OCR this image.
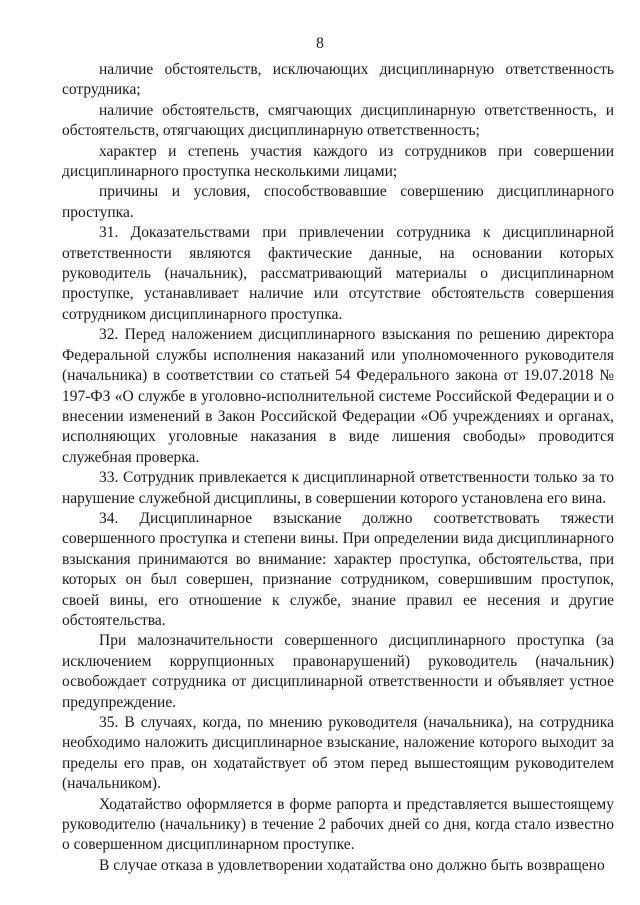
8

наличие обстоятельств, исключающих дисциплинарную ответственность сотрудника;

наличие обстоятельств, смягчающих дисциплинарную ответственность, и обстоятельств, отягчающих дисциплинарную ответственность;

характер и степень участия каждого из сотрудников при совершении дисциплинарного проступка несколькими лицами;

причины и условия, способствовавшие совершению дисциплинарного проступка.

31. Доказательствами при привлечении сотрудника к дисциплинарной ответственности являются фактические данные, на основании которых руководитель (начальник), рассматривающий материалы о дисциплинарном проступке, устанавливает наличие или отсутствие обстоятельств совершения сотрудником дисциплинарного проступка.

32. Перед наложением дисциплинарного взыскания по решению директора Федеральной службы исполнения наказаний или уполномоченного руководителя (начальника) в соответствии со статьей 54 Федерального закона от 19.07.2018 № 197-ФЗ «О службе в уголовно-исполнительной системе Российской Федерации и о внесении изменений в Закон Российской Федерации «Об учреждениях и органах, исполняющих уголовные наказания в виде лишения свободы» проводится служебная проверка.

33. Сотрудник привлекается к дисциплинарной ответственности только за то нарушение служебной дисциплины, в совершении которого установлена его вина.

34. Дисциплинарное взыскание должно соответствовать тяжести совершенного проступка и степени вины. При определении вида дисциплинарного взыскания принимаются во внимание: характер проступка, обстоятельства, при которых он был совершен, признание сотрудником, совершившим проступок, своей вины, его отношение к службе, знание правил ее несения и другие обстоятельства.

При малозначительности совершенного дисциплинарного проступка (за исключением коррупционных правонарушений) руководитель (начальник) освобождает сотрудника от дисциплинарной ответственности и объявляет устное предупреждение.

35. В случаях, когда, по мнению руководителя (начальника), на сотрудника необходимо наложить дисциплинарное взыскание, наложение которого выходит за пределы его прав, он ходатайствует об этом перед вышестоящим руководителем (начальником).

Ходатайство оформляется в форме рапорта и представляется вышестоящему руководителю (начальнику) в течение 2 рабочих дней со дня, когда стало известно о совершенном дисциплинарном проступке.

В случае отказа в удовлетворении ходатайства оно должно быть возвращено
